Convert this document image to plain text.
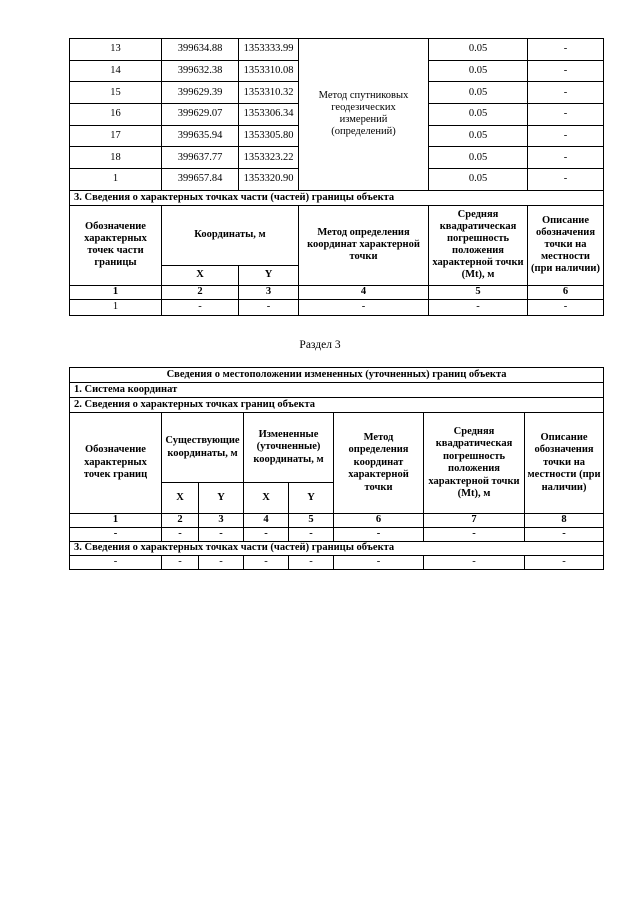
13	399634.88	1353333.99	Метод спутниковых геодезических измерений (определений)	0.05	-
14	399632.38	1353310.08		0.05	-
15	399629.39	1353310.32		0.05	-
16	399629.07	1353306.34		0.05	-
17	399635.94	1353305.80		0.05	-
18	399637.77	1353323.22		0.05	-
1	399657.84	1353320.90		0.05	-
3. Сведения о характерных точках части (частей) границы объекта					
Обозначение характерных точек части границы	Координаты, м		Метод определения координат характерной точки	Средняя квадратическая погрешность положения характерной точки (Mt), м	Описание обозначения точки на местности (при наличии)
	X	Y			
1	2	3	4	5	6
1	-	-	-	-	-
Раздел 3
Сведения о местоположении измененных (уточненных) границ объекта							
1. Система координат							
2. Сведения о характерных точках границ объекта							
Обозначение характерных точек границ	Существующие координаты, м		Измененные (уточненные) координаты, м		Метод определения координат характерной точки	Средняя квадратическая погрешность положения характерной точки (Mt), м	Описание обозначения точки на местности (при наличии)
	X	Y	X	Y			
1	2	3	4	5	6	7	8
-	-	-	-	-	-	-	-
3. Сведения о характерных точках части (частей) границы объекта							
-	-	-	-	-	-	-	-
